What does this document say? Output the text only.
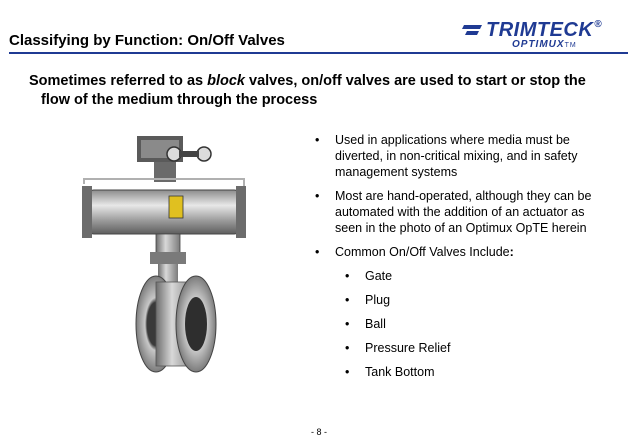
Classifying by Function: On/Off Valves	TRIMTECK®
OPTIMUXTM
Sometimes referred to as block valves, on/off valves are used to start or stop the
flow of the medium through the process
• Used in applications where media must be diverted, in non-critical mixing, and in safety management systems
• Most are hand-operated, although they can be automated with the addition of an actuator as seen in the photo of an Optimux OpTE herein
• Common On/Off Valves Include:
• Gate
• Plug
• Ball
• Pressure Relief
• Tank Bottom
- 8 -
